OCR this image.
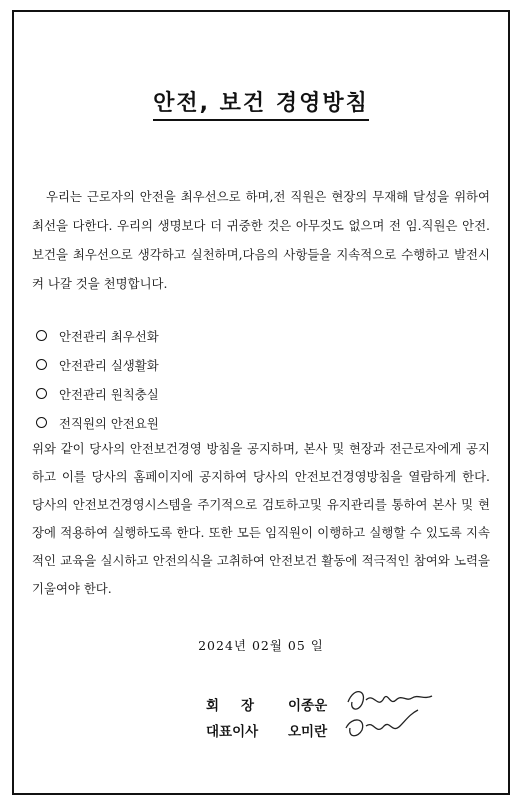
안전, 보건 경영방침

우리는 근로자의 안전을 최우선으로 하며,전 직원은 현장의 무재해 달성을 위하여 최선을 다한다. 우리의 생명보다 더 귀중한 것은 아무것도 없으며 전 임.직원은 안전.보건을 최우선으로 생각하고 실천하며,다음의 사항들을 지속적으로 수행하고 발전시켜 나갈 것을 천명합니다.

안전관리 최우선화
안전관리 실생활화
안전관리 원칙충실
전직원의 안전요원

위와 같이 당사의 안전보건경영 방침을 공지하며, 본사 및 현장과 전근로자에게 공지하고 이를 당사의 홈페이지에 공지하여 당사의 안전보건경영방침을 열람하게 한다. 당사의 안전보건경영시스템을 주기적으로 검토하고및 유지관리를 통하여 본사 및 현장에 적용하여 실행하도록 한다. 또한 모든 임직원이 이행하고 실행할 수 있도록 지속적인 교육을 실시하고 안전의식을 고취하여 안전보건 활동에 적극적인 참여와 노력을 기울여야 한다.

2024년 02월 05 일
회장 이종운
대표이사	오미란
